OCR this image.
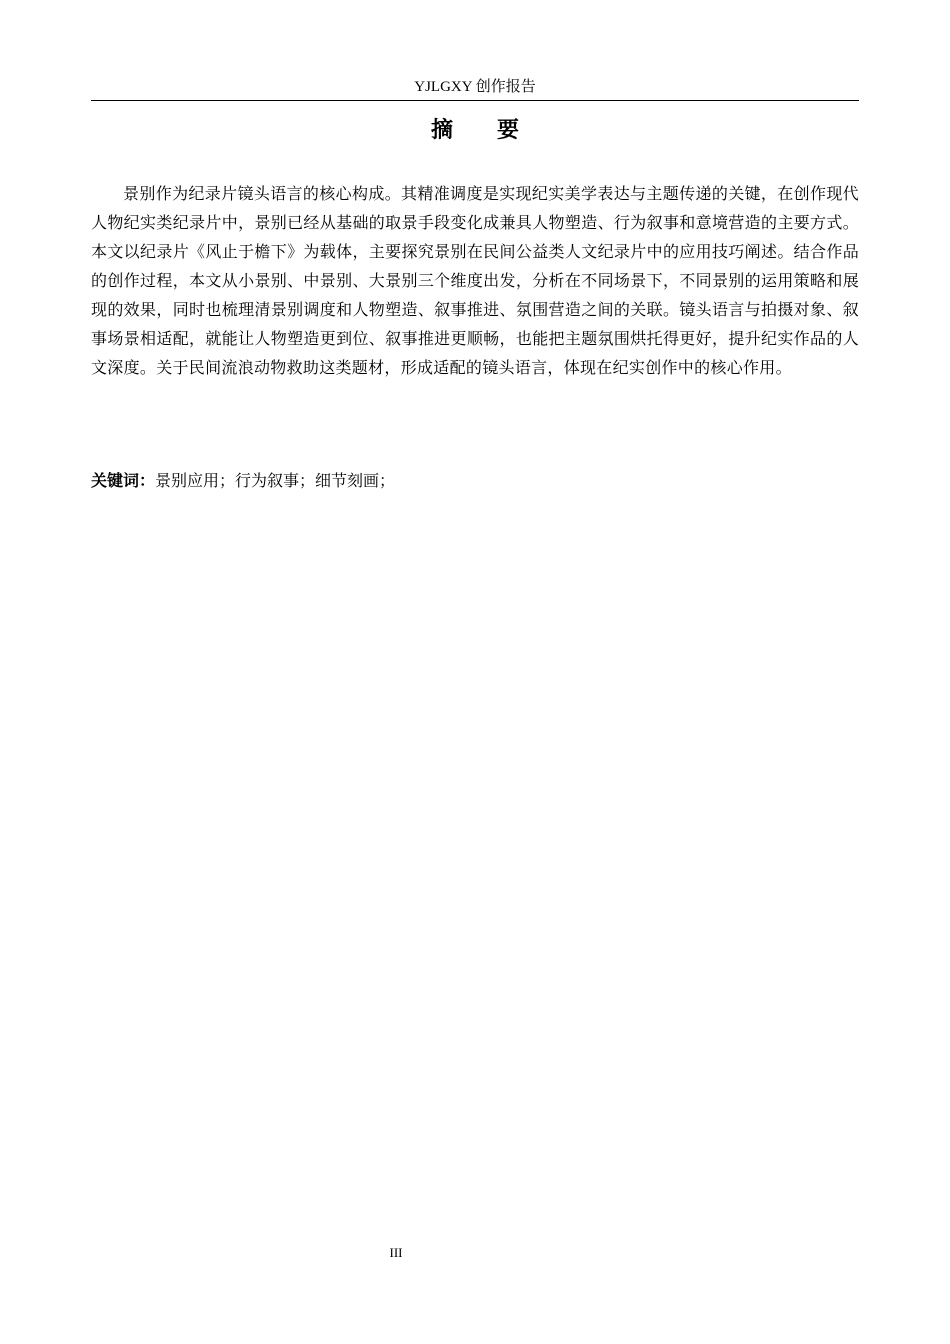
YJLGXY 创作报告
摘 要

景别作为纪录片镜头语言的核心构成。其精准调度是实现纪实美学表达与主题传递的关键，在创作现代人物纪实类纪录片中，景别已经从基础的取景手段变化成兼具人物塑造、行为叙事和意境营造的主要方式。本文以纪录片《风止于檐下》为载体，主要探究景别在民间公益类人文纪录片中的应用技巧阐述。结合作品的创作过程，本文从小景别、中景别、大景别三个维度出发，分析在不同场景下，不同景别的运用策略和展现的效果，同时也梳理清景别调度和人物塑造、叙事推进、氛围营造之间的关联。镜头语言与拍摄对象、叙事场景相适配，就能让人物塑造更到位、叙事推进更顺畅，也能把主题氛围烘托得更好，提升纪实作品的人文深度。关于民间流浪动物救助这类题材，形成适配的镜头语言，体现在纪实创作中的核心作用。

关键词：景别应用；行为叙事；细节刻画；

III
